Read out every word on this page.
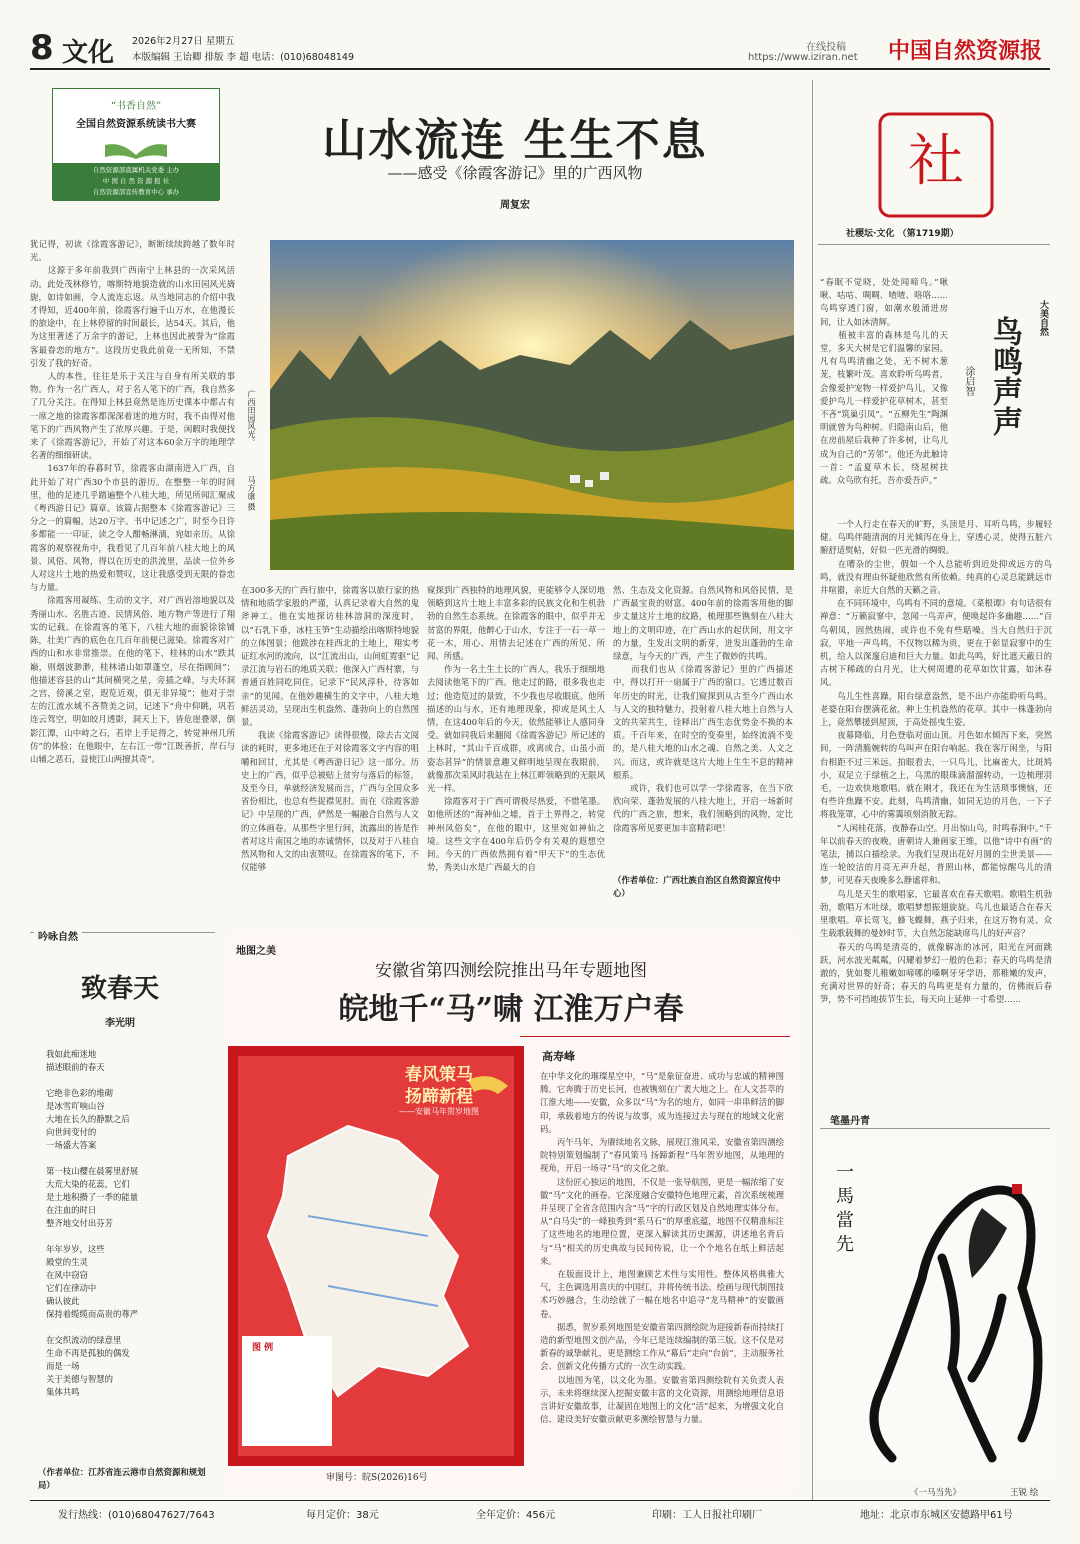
8 文化 2026年2月27日 星期五
本版编辑 王诒卿 排版 李 超 电话：(010)68048149
在线投稿
https://www.iziran.net 中国自然资源报
“书香自然”
全国自然资源系统读书大赛
自然资源部直属机关党委 主办
中 国 自 然 资 源 报 社
自然资源部宣传教育中心 承办
山水流连 生生不息
——感受《徐霞客游记》里的广西风物
周复宏
广西田园风光。
马方康 摄
犹记得，初读《徐霞客游记》，断断续续跨越了数年时光。
　　这源于多年前我到广西南宁上林县的一次采风活动。此处茂林修竹，喀斯特地貌造就的山水田园风光旖旎，如诗如画，令人流连忘返。从当地同志的介绍中我才得知，近400年前，徐霞客行遍千山万水，在他漫长的旅途中，在上林停留的时间最长，达54天。其后，他为这里著述了万余字的游记，上林也因此被誉为“徐霞客最眷恋的地方”。这段历史我此前竟一无所知，不禁引发了我的好奇。
　　人的本性，往往是乐于关注与自身有所关联的事物。作为一名广西人，对于名人笔下的广西，我自然多了几分关注。在得知上林县竟然是连历史课本中都占有一席之地的徐霞客都深深着迷的地方时，我不由得对他笔下的广西风物产生了浓厚兴趣。于是，闲暇时我便找来了《徐霞客游记》，开始了对这本60余万字的地理学名著的细细研读。
　　1637年的春暮时节，徐霞客由湖南进入广西，自此开始了对广西30个市县的游历。在整整一年的时间里，他的足迹几乎踏遍整个八桂大地，所见所闻汇聚成《粤西游日记》篇章。该篇占据整本《徐霞客游记》三分之一的篇幅，达20万字。书中记述之广，时至今日许多都能一一印证，读之令人酣畅淋漓，宛如亲历。从徐霞客的观察视角中，我看见了几百年前八桂大地上的风景、风俗、风物，得以在历史的洪流里，品读一位外乡人对这片土地的热爱和赞叹，这让我感受到无限的眷恋与力量。
　　徐霞客用凝练、生动的文字，对广西岩溶地貌以及秀丽山水、名胜古迹、民情风俗、地方物产等进行了翔实的记载。在徐霞客的笔下，八桂大地的面貌徐徐铺陈，壮美广西的底色在几百年前便已滋染。徐霞客对广西的山和水非常推崇。在他的笔下，桂林的山水“跌其巅，则烟波渺渺，桂林诸山如罩蓬空，尽在指顾间”；他描述容县的山“其间横突之星，旁插之峰，与夫环洞之宫，傍溪之室，遐览近观，俱无非异境”；他对于崇左的江流水域不吝赞美之词，记述下“舟中仰眺，巩若连云驾空，明如皎月透影，洞天上下，皆危崖叠翠，倒影江潭，山中峙之石，若岸上手足得之，转觉神州几所仿”的体验；在他眼中，左右江一带“江既善折，岸石与山辅之恶石，益使江山两擅其奇”。
在300多天的广西行旅中，徐霞客以旅行家的热情和地质学家般的严谨，认真记录着大自然的鬼斧神工。他在实地探访桂林溶洞的深度时，以“石乳下垂，冰柱玉笋”生动描绘出喀斯特地貌的立体图景；他跋涉在桂西北的土地上，翔实考证红水河的流向，以“江流出山，山间虹霓驱”记录江流与岩石的地质关联；他深入广西村寨，与普通百姓同吃同住，记录下“民风淳朴，待客如亲”的见闻。在他妙趣横生的文字中，八桂大地鲜活灵动，呈现出生机盎然、蓬勃向上的自然图景。
　　我读《徐霞客游记》读得很慢，除去古文阅读的耗时，更多地还在于对徐霞客文字内容的咀嚼和回甘，尤其是《粤西游日记》这一部分。历史上的广西，似乎总被贴上贫穷与落后的标签，及至今日，单就经济发展而言，广西与全国众多省份相比，也总有些捉襟见肘。而在《徐霞客游记》中呈现的广西，俨然是一幅融合自然与人文的立体画卷。从那些字里行间，流露出的皆是作者对这片南国之地的赤诚情怀，以及对于八桂自然风物和人文的由衷赞叹。在徐霞客的笔下，不仅能够
窥探到广西独特的地理风貌，更能够令人深切地领略到这片土地上丰富多彩的民族文化和生机勃勃的自然生态系统。在徐霞客的眼中，似乎并无贫富的界限，他醉心于山水，专注于一石一草一花一木，用心、用情去记述在广西的所见、所闻、所感。
　　作为一名土生土长的广西人，我乐于细细地去阅读他笔下的广西。他走过的路，很多我也走过；他造览过的景致，不少我也尽收眼底。他所描述的山与水，还有地理现象，抑或是风土人情，在这400年后的今天，依然能够让人感同身受。就如同我后来翻阅《徐霞客游记》所记述的上林时，“其山千百成群，或离或合，山虽小而姿态甚异”的情景意趣又鲜明地呈现在我眼前，就像那次采风时我站在上林江畔领略到的无限风光一样。
　　徐霞客对于广西可谓极尽热爱，不惜笔墨。如他所述的“海神仙之墟，首于土界得之，转觉神州风俗矣”，在他的眼中，这里宛如神仙之境。这些文字在400年后仍令有关观的遐想空间。今天的广西依然拥有着“甲天下”的生态优势，秀美山水是广西最大的自
然、生态及文化资源。自然风物和风俗民情，是广西最宝贵的财富。400年前的徐霞客用他的脚步丈量这片土地的纹路，梳理那些镌刻在八桂大地上的文明印迹，在广西山水的起伏间，用文字的力量，生发出文明的新芽，迸发出蓬勃的生命绿意，与今天的广西，产生了微妙的共鸣。
　　而我们也从《徐霞客游记》里的广西描述中，得以打开一扇属于广西的窗口。它透过数百年历史的时光，让我们窥探到从古至今广西山水与人文的独特魅力，投射着八桂大地上自然与人文的共荣共生，诠释出广西生态优势金不换的本质。千百年来，在时空的变奏里，始终流淌不变的，是八桂大地的山水之魂、自然之美、人文之兴。而这，或许就是这片大地上生生不息的精神根系。
　　或许，我们也可以学一学徐霞客，在当下欣欣向荣、蓬勃发展的八桂大地上，开启一场新时代的广西之旅，想来，我们领略到的风物，定比徐霞客所见要更加丰富精彩吧！
（作者单位：广西壮族自治区自然资源宣传中心）
社
社稷坛·文化 （第1719期）
“春眠不觉晓，处处闻啼鸟。”啾啾、咕咕、啁啁、喳喳、咯咯……鸟鸣穿透门窗，如潮水般涌进房间，让人如沐清辉。
　　植被丰富的森林是鸟儿的天堂，多天大树是它们温馨的家园。凡有鸟鸣清幽之处，无不树木葱茏，枝繁叶茂。喜欢聆听鸟鸣者，会像爱护宠物一样爱护鸟儿，又像爱护鸟儿一样爱护花草树木，甚至不吝“筑巢引凤”。“五柳先生”陶渊明就曾为鸟种树。归隐南山后，他在房前屋后栽种了许多树，让鸟儿成为自己的“芳邻”。他还为此触诗一首：“孟夏草木长，绕屋树扶疏。众鸟欣有托，吾亦爱吾庐。”
大美自然
鸟鸣声声
涂启智
　　一个人行走在春天的旷野，头顶是月、耳听鸟鸣，步履轻健。鸟鸣伴随清润的月光倾泻在身上，穿透心灵，使得五脏六腑舒适熨帖，好似一匹光滑的绸缎。
　　在嘈杂的尘世，假如一个人总能听到近处抑或远方的鸟鸣，就没有理由怀疑他欣然有所依赖。纯真的心灵总能跳远市井喧嚣，亲近大自然的天籁之音。
　　在不同环境中，鸟鸣有不同的意境。《菜根谭》有句话很有禅意：“万籁寂寥中，忽闻一鸟弄声，便唤起许多幽趣……”百鸟朝凤，固然热闹，或许也不免有些聒噪。当大自然归于沉寂，平地一声鸟鸣，不仅物以稀为贵，更在于彰显寂寥中的生机，给人以深邃启迪和巨大力量。如此鸟鸣，好比遮天蔽日的古树下稀疏的白月光，让大树周遭的花草如饮甘露，如沐春风。
　　鸟儿生性喜躁，阳台绿意盎然，是不出户亦能聆听鸟鸣。老婆在阳台摆满花盆，种上生机盎然的花草。其中一株蓬勃向上，竟然攀援到屋顶，于高处摇曳生姿。
　　夜幕降临，月色登临对面山顶。月色如水倾泻下来，突然间，一阵清脆婉转的鸟叫声在阳台响起。我在客厅闲坐，与阳台相距不过三米远。拍眼看去，一只鸟儿，比麻雀大，比斑鸠小，双足立于绿植之上，乌黑的眼珠滴溜溜转动，一边梳理羽毛，一边欢快地歌唱。就在刚才，我还在为生活琐事懊恼，还有些许焦躁不安。此刻，鸟鸣清幽，如同无边的月色，一下子将我笼罩，心中的雾霭顷刻消散无踪。
　　“人闲桂花落，夜静春山空。月出惊山鸟，时鸣春涧中。”千年以前春天的夜晚，唐朝诗人兼画家王维，以他“诗中有画”的笔法，捕以白描绘录。为我们呈现出花好月圆的尘世美景——连一轮皎洁的月亮无声升起，普照山林，都能惊醒鸟儿的清梦，可见春天夜晚多么静谧祥和。
　　鸟儿是天生的歌唱家，它最喜欢在春天歌唱。歌唱生机勃勃，歌唱万木吐绿，歌唱梦想振翅旋旋。鸟儿也最适合在春天里歌唱。草长莺飞，蜂飞蝶舞，燕子归来，在这万物有灵、众生载歌载舞的曼妙时节，大自然怎能缺席鸟儿的好声音？
　　春天的鸟鸣是清亮的，就像解冻的冰河，阳光在河面跳跃，河水波光粼粼，闪耀着梦幻一般的色彩；春天的鸟鸣是清澈的，犹如婴儿稚嫩如啼哪的嗓啊牙牙学语，那稚嫩的发声，充满对世界的好奇；春天的鸟鸣更是有力量的，仿佛雨后春笋，势不可挡地拔节生长，每天向上延伸一寸希望……
笔墨丹青
一
馬
當
先
《一马当先》	王锐 绘
吟咏自然
致春天
李光明
我如此痴迷地
描述眼前的春天

它绝非色彩的堆砌
是冰雪吖响山谷
大地在长久的静默之后
向世间变付的
一场盛大答案

第一枝山樱在晨雾里舒展
大荒大染的花蕊，它们
是土地积攒了一季的能量
在注血的时日
整齐地交付出芬芳

年年岁岁，这些
殿堂的生灵
在风中窃窃
它们在律动中
确认彼此
保持着缆缆而高贵的尊严

在交织流动的绿意里
生命不再是孤独的偶发
而是一场
关于美德与智慧的
集体共鸣
（作者单位：江苏省连云港市自然资源和规划局）
地图之美
安徽省第四测绘院推出马年专题地图
皖地千“马”啸 江淮万户春
高寿峰
在中华文化的璀璨星空中，“马”是象征奋进、成功与忠诚的精神图腾。它奔腾于历史长河，也被镌刻在广袤大地之上。在人文荟萃的江淮大地——安徽，众多以“马”为名的地方，如同一串串鲜活的脚印，承载着地方的传说与故事，成为连接过去与现在的地域文化密码。
　　丙午马年，为赓续地名文脉，展现江淮风采，安徽省第四测绘院特别策划编制了“春风策马 扬蹄新程”马年贺岁地图，从地理的视角，开启一场寻“马”的文化之旅。
　　这份匠心独运的地图，不仅是一张导航图，更是一幅浓缩了安徽“马”文化的画卷。它深度融合安徽特色地理元素，首次系统梳理并呈现了全省含范围内含“马”字的行政区划及自然地理实体分布。从“白马尖”的一峰独秀到“系马石”的厚重底蕴，地图不仅精准标注了这些地名的地理位置，更深入解读其历史渊源，讲述地名背后与“马”相关的历史典故与民间传说，让一个个地名在纸上鲜活起来。
　　在版面设计上，地图兼顾艺术性与实用性。整体风格典雅大气，主色调选用喜庆的中国红，并将传统书法、绘画与现代制图技术巧妙融合，生动绘就了一幅在地名中追寻“龙马精神”的安徽画卷。
　　据悉，贺岁系列地图是安徽省第四测绘院为迎接新春而持续打造的新型地图文创产品，今年已是连续编制的第三版。这不仅是对新春的诚挚献礼，更是测绘工作从“幕后”走向“台前”，主动服务社会、创新文化传播方式的一次生动实践。
　　以地图为笔，以文化为墨。安徽省第四测绘院有关负责人表示，未来将继续深入挖掘安徽丰富的文化资源，用测绘地理信息语言讲好安徽故事，让凝固在地图上的文化“活”起来，为增强文化自信、建设美好安徽贡献更多测绘智慧与力量。
春风策马
扬蹄新程
——安徽马年贺岁地图
图 例
审图号：皖S(2026)16号
发行热线：(010)68047627/7643	每月定价：38元	全年定价：456元	印刷：工人日报社印刷厂	地址：北京市东城区安德路甲61号
